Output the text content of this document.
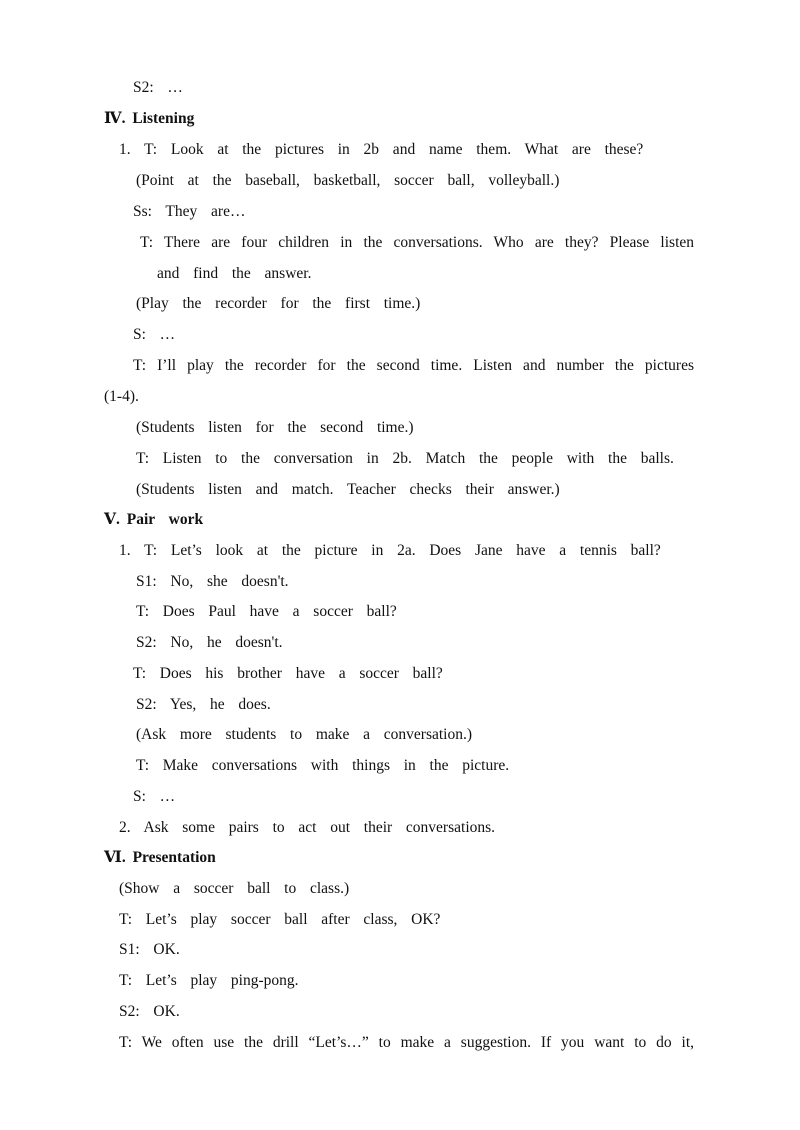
S2:  …
Ⅳ. Listening
1.  T:  Look  at  the  pictures  in  2b  and  name  them.  What  are  these?
(Point  at  the  baseball,  basketball,  soccer  ball,  volleyball.)
Ss:  They  are…
T: There are four children in the conversations. Who are they? Please listen
and  find  the  answer.
(Play  the  recorder  for  the  first  time.)
S:  …
T: I’ll play the recorder for the second time. Listen and number the pictures
(1-4).
(Students  listen  for  the  second  time.)
T:  Listen  to  the  conversation  in  2b.  Match  the  people  with  the  balls.
(Students  listen  and  match.  Teacher  checks  their  answer.)
Ⅴ. Pair  work
1.  T:  Let’s  look  at  the  picture  in  2a.  Does  Jane  have  a  tennis  ball?
S1:  No,  she  doesn't.
T:  Does  Paul  have  a  soccer  ball?
S2:  No,  he  doesn't.
T:  Does  his  brother  have  a  soccer  ball?
S2:  Yes,  he  does.
(Ask  more  students  to  make  a  conversation.)
T:  Make  conversations  with  things  in  the  picture.
S:  …
2.  Ask  some  pairs  to  act  out  their  conversations.
Ⅵ. Presentation
(Show  a  soccer  ball  to  class.)
T:  Let’s  play  soccer  ball  after  class,  OK?
S1:  OK.
T:  Let’s  play  ping-pong.
S2:  OK.
T: We often use the drill “Let’s…” to make a suggestion. If you want to do it,
